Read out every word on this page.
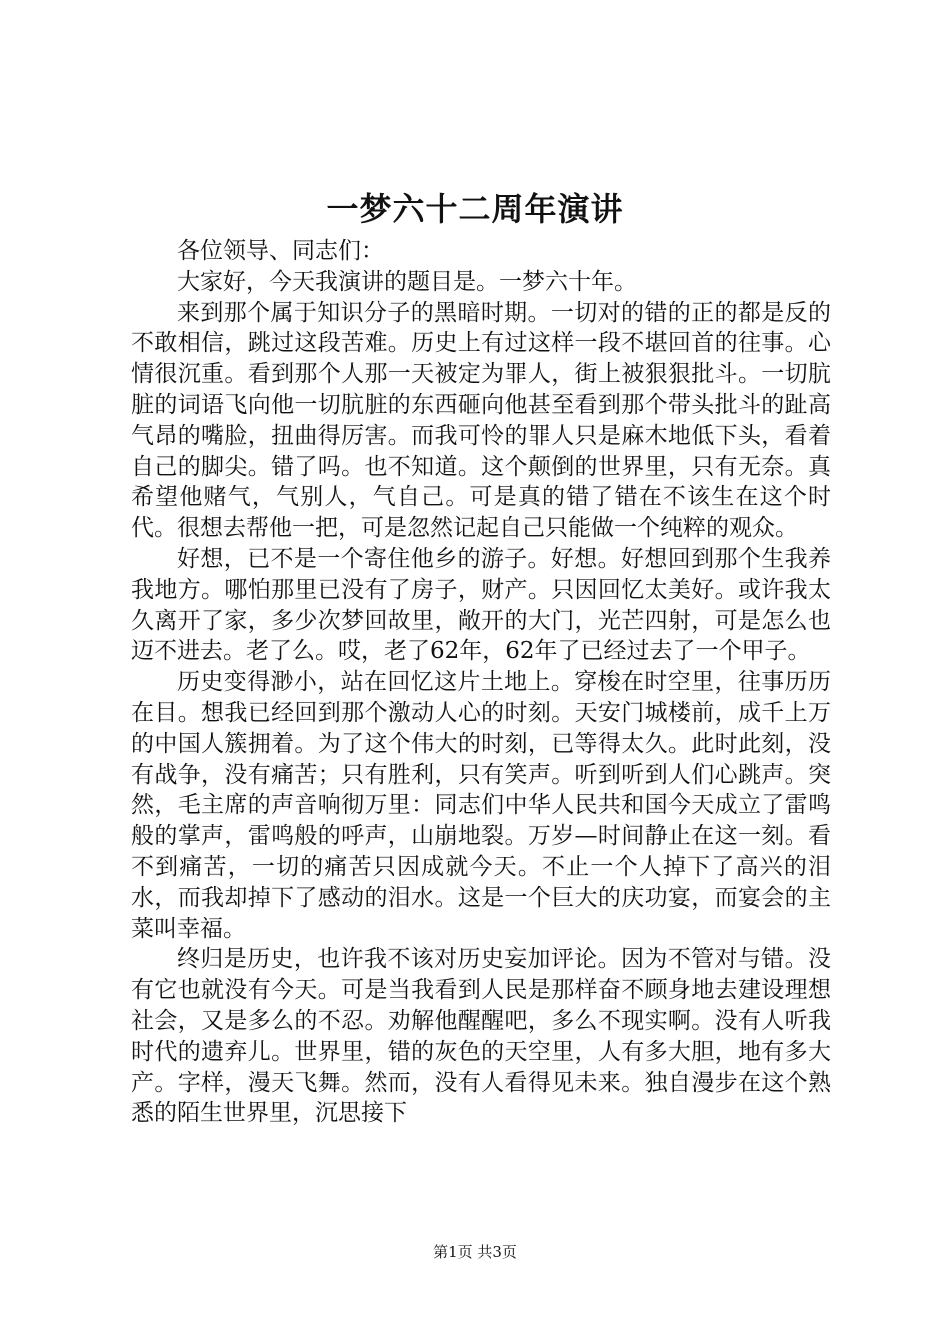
一梦六十二周年演讲

各位领导、同志们：

大家好，今天我演讲的题目是。一梦六十年。

来到那个属于知识分子的黑暗时期。一切对的错的正的都是反的不敢相信，跳过这段苦难。历史上有过这样一段不堪回首的往事。心情很沉重。看到那个人那一天被定为罪人，街上被狠狠批斗。一切肮脏的词语飞向他一切肮脏的东西砸向他甚至看到那个带头批斗的趾高气昂的嘴脸，扭曲得厉害。而我可怜的罪人只是麻木地低下头，看着自己的脚尖。错了吗。也不知道。这个颠倒的世界里，只有无奈。真希望他赌气，气别人，气自己。可是真的错了错在不该生在这个时代。很想去帮他一把，可是忽然记起自己只能做一个纯粹的观众。

好想，已不是一个寄住他乡的游子。好想。好想回到那个生我养我地方。哪怕那里已没有了房子，财产。只因回忆太美好。或许我太久离开了家，多少次梦回故里，敞开的大门，光芒四射，可是怎么也迈不进去。老了么。哎，老了62年，62年了已经过去了一个甲子。

历史变得渺小，站在回忆这片土地上。穿梭在时空里，往事历历在目。想我已经回到那个激动人心的时刻。天安门城楼前，成千上万的中国人簇拥着。为了这个伟大的时刻，已等得太久。此时此刻，没有战争，没有痛苦；只有胜利，只有笑声。听到听到人们心跳声。突然，毛主席的声音响彻万里：同志们中华人民共和国今天成立了雷鸣般的掌声，雷鸣般的呼声，山崩地裂。万岁—时间静止在这一刻。看不到痛苦，一切的痛苦只因成就今天。不止一个人掉下了高兴的泪水，而我却掉下了感动的泪水。这是一个巨大的庆功宴，而宴会的主菜叫幸福。

终归是历史，也许我不该对历史妄加评论。因为不管对与错。没有它也就没有今天。可是当我看到人民是那样奋不顾身地去建设理想社会，又是多么的不忍。劝解他醒醒吧，多么不现实啊。没有人听我时代的遗弃儿。世界里，错的灰色的天空里，人有多大胆，地有多大产。字样，漫天飞舞。然而，没有人看得见未来。独自漫步在这个熟悉的陌生世界里，沉思接下

第1页 共3页
